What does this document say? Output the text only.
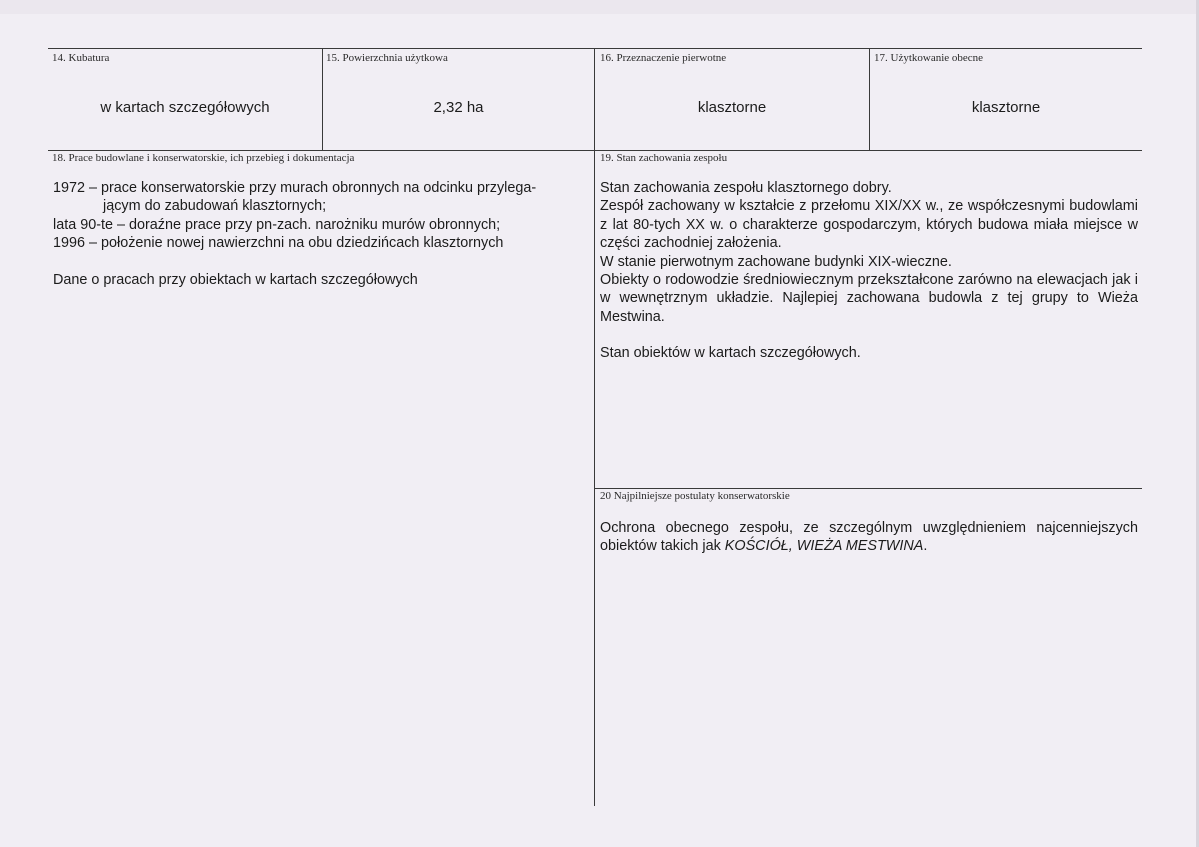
14. Kubatura
w kartach szczegółowych
15. Powierzchnia użytkowa
2,32 ha
16. Przeznaczenie pierwotne
klasztorne
17. Użytkowanie obecne
klasztorne
18. Prace budowlane i konserwatorskie, ich przebieg i dokumentacja

1972 – prace konserwatorskie przy murach obronnych na odcinku przylega-

jącym do zabudowań klasztornych;

lata 90-te – doraźne prace przy pn-zach. narożniku murów obronnych;

1996 – położenie nowej nawierzchni na obu dziedzińcach klasztornych

Dane o pracach przy obiektach w kartach szczegółowych

19. Stan zachowania zespołu

Stan zachowania zespołu klasztornego dobry.

Zespół zachowany w kształcie z przełomu XIX/XX w., ze współczesnymi budowlami z lat 80-tych XX w. o charakterze gospodarczym, których budowa miała miejsce w części zachodniej założenia.

W stanie pierwotnym zachowane budynki XIX-wieczne.

Obiekty o rodowodzie średniowiecznym przekształcone zarówno na elewacjach jak i w wewnętrznym układzie. Najlepiej zachowana budowla z tej grupy to Wieża Mestwina.

Stan obiektów w kartach szczegółowych.

20 Najpilniejsze postulaty konserwatorskie

Ochrona obecnego zespołu, ze szczególnym uwzględnieniem najcenniejszych obiektów takich jak KOŚCIÓŁ, WIEŻA MESTWINA.
